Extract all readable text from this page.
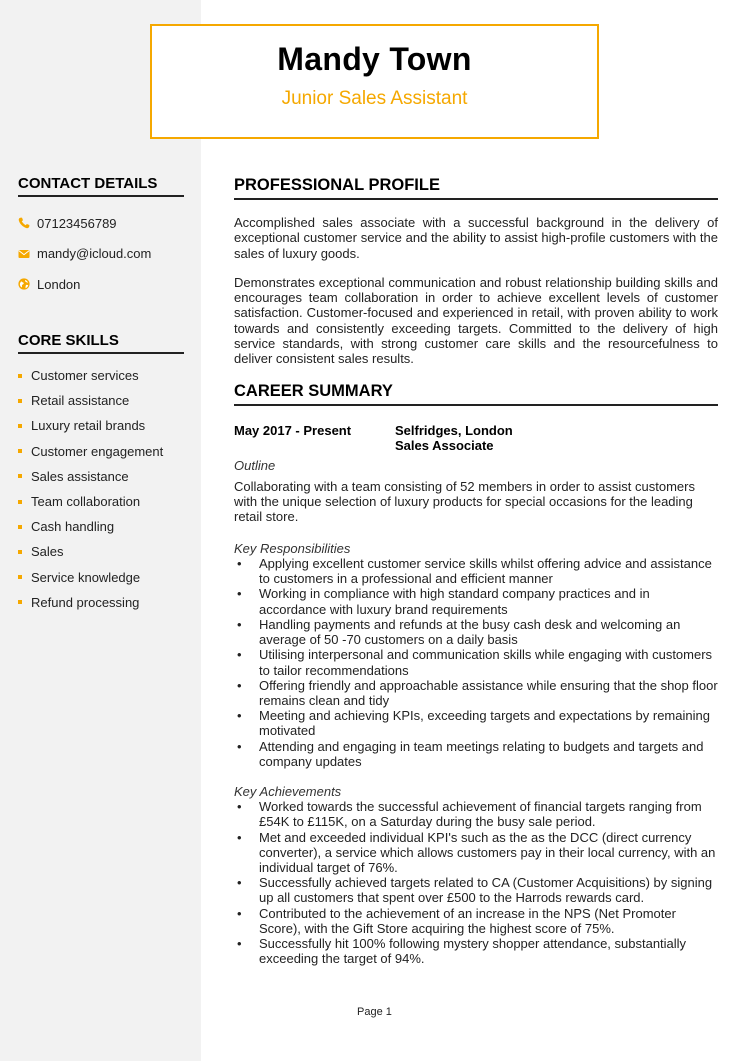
Mandy Town
Junior Sales Assistant
CONTACT DETAILS
07123456789
mandy@icloud.com
London
CORE SKILLS
Customer services
Retail assistance
Luxury retail brands
Customer engagement
Sales assistance
Team collaboration
Cash handling
Sales
Service knowledge
Refund processing
PROFESSIONAL PROFILE

Accomplished sales associate with a successful background in the delivery of exceptional customer service and the ability to assist high-profile customers with the sales of luxury goods.

Demonstrates exceptional communication and robust relationship building skills and encourages team collaboration in order to achieve excellent levels of customer satisfaction. Customer-focused and experienced in retail, with proven ability to work towards and consistently exceeding targets. Committed to the delivery of high service standards, with strong customer care skills and the resourcefulness to deliver consistent sales results.

CAREER SUMMARY
May 2017 - Present	Selfridges, London
Sales Associate
Outline

Collaborating with a team consisting of 52 members in order to assist customers with the unique selection of luxury products for special occasions for the leading retail store.

Key Responsibilities
• Applying excellent customer service skills whilst offering advice and assistance to customers in a professional and efficient manner
• Working in compliance with high standard company practices and in accordance with luxury brand requirements
• Handling payments and refunds at the busy cash desk and welcoming an average of 50 -70 customers on a daily basis
• Utilising interpersonal and communication skills while engaging with customers to tailor recommendations
• Offering friendly and approachable assistance while ensuring that the shop floor remains clean and tidy
• Meeting and achieving KPIs, exceeding targets and expectations by remaining motivated
• Attending and engaging in team meetings relating to budgets and targets and company updates
Key Achievements
• Worked towards the successful achievement of financial targets ranging from £54K to £115K, on a Saturday during the busy sale period.
• Met and exceeded individual KPI's such as the as the DCC (direct currency converter), a service which allows customers pay in their local currency, with an individual target of 76%.
• Successfully achieved targets related to CA (Customer Acquisitions) by signing up all customers that spent over £500 to the Harrods rewards card.
• Contributed to the achievement of an increase in the NPS (Net Promoter Score), with the Gift Store acquiring the highest score of 75%.
• Successfully hit 100% following mystery shopper attendance, substantially exceeding the target of 94%.
Page 1
